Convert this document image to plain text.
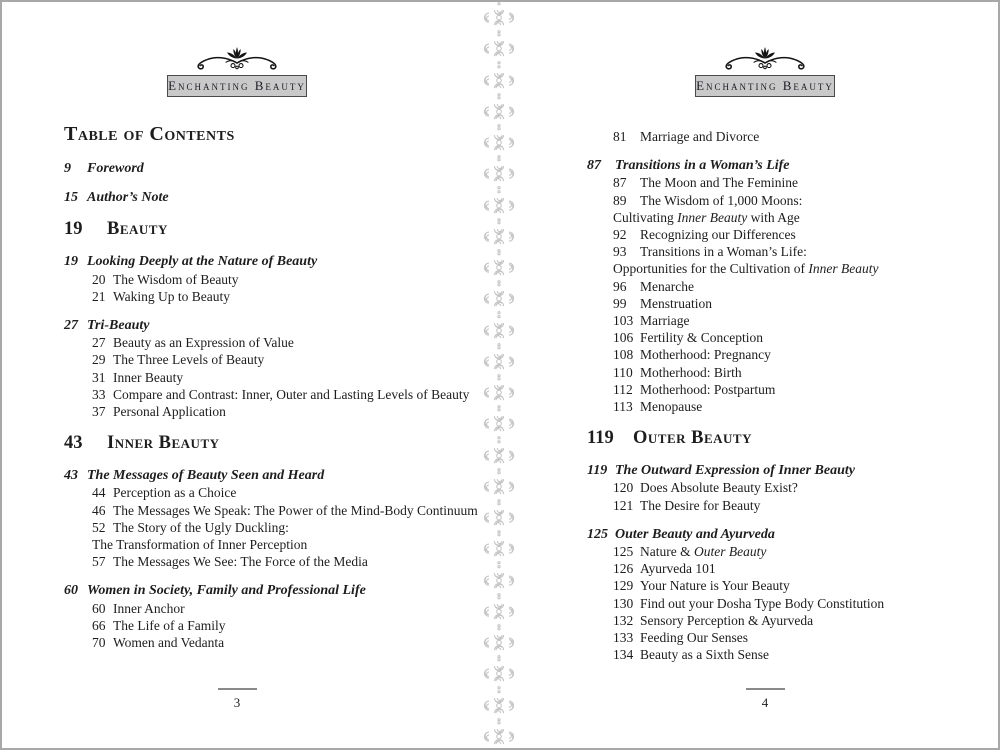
Enchanting Beauty
Table of Contents
9 Foreword
15 Author’s Note
19 Beauty
19 Looking Deeply at the Nature of Beauty
20 The Wisdom of Beauty
21 Waking Up to Beauty
27 Tri-Beauty
27 Beauty as an Expression of Value
29 The Three Levels of Beauty
31 Inner Beauty
33 Compare and Contrast: Inner, Outer and Lasting Levels of Beauty
37 Personal Application
43 Inner Beauty
43 The Messages of Beauty Seen and Heard
44 Perception as a Choice
46 The Messages We Speak: The Power of the Mind-Body Continuum
52 The Story of the Ugly Duckling:
The Transformation of Inner Perception
57 The Messages We See: The Force of the Media
60 Women in Society, Family and Professional Life
60 Inner Anchor
66 The Life of a Family
70 Women and Vedanta
3
Enchanting Beauty
81 Marriage and Divorce
87 Transitions in a Woman’s Life
87 The Moon and The Feminine
89 The Wisdom of 1,000 Moons:
Cultivating Inner Beauty with Age
92 Recognizing our Differences
93 Transitions in a Woman’s Life:
Opportunities for the Cultivation of Inner Beauty
96 Menarche
99 Menstruation
103 Marriage
106 Fertility & Conception
108 Motherhood: Pregnancy
110 Motherhood: Birth
112 Motherhood: Postpartum
113 Menopause
119 Outer Beauty
119 The Outward Expression of Inner Beauty
120 Does Absolute Beauty Exist?
121 The Desire for Beauty
125 Outer Beauty and Ayurveda
125 Nature & Outer Beauty
126 Ayurveda 101
129 Your Nature is Your Beauty
130 Find out your Dosha Type Body Constitution
132 Sensory Perception & Ayurveda
133 Feeding Our Senses
134 Beauty as a Sixth Sense
4
